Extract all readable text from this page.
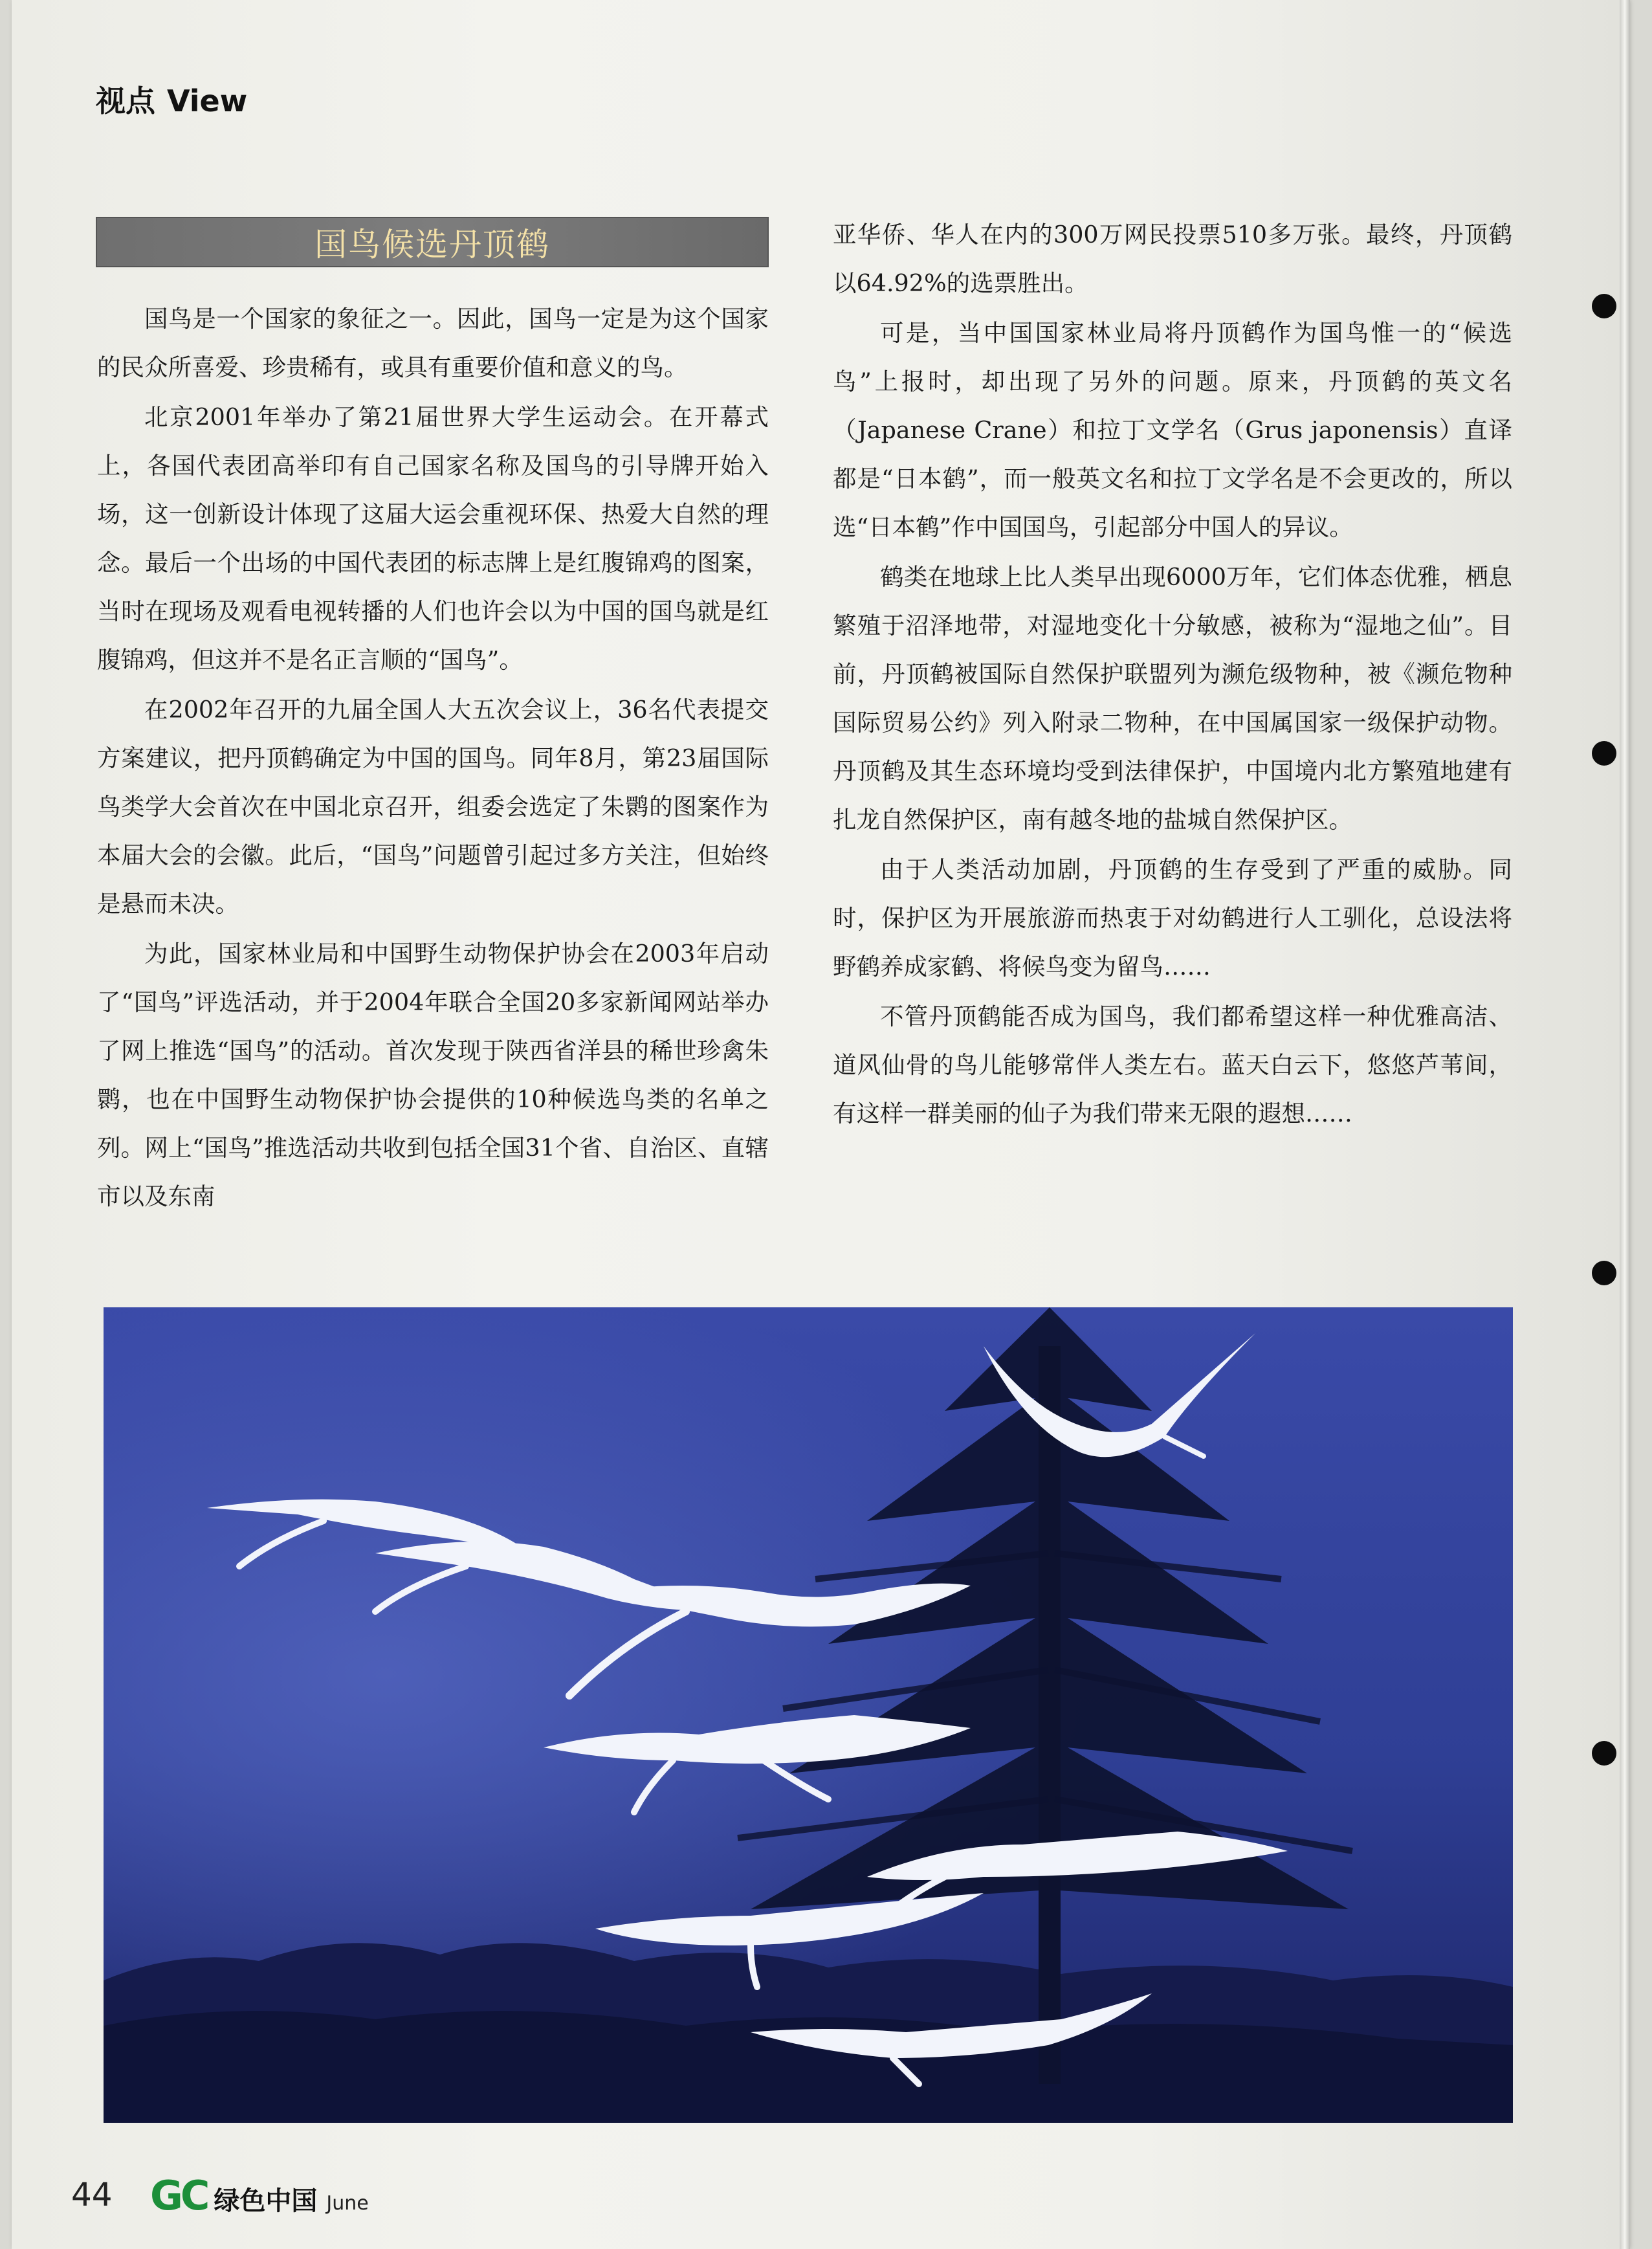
视点 View
国鸟候选丹顶鹤

国鸟是一个国家的象征之一。因此，国鸟一定是为这个国家的民众所喜爱、珍贵稀有，或具有重要价值和意义的鸟。

北京2001年举办了第21届世界大学生运动会。在开幕式上，各国代表团高举印有自己国家名称及国鸟的引导牌开始入场，这一创新设计体现了这届大运会重视环保、热爱大自然的理念。最后一个出场的中国代表团的标志牌上是红腹锦鸡的图案，当时在现场及观看电视转播的人们也许会以为中国的国鸟就是红腹锦鸡，但这并不是名正言顺的“国鸟”。

在2002年召开的九届全国人大五次会议上，36名代表提交方案建议，把丹顶鹤确定为中国的国鸟。同年8月，第23届国际鸟类学大会首次在中国北京召开，组委会选定了朱鹮的图案作为本届大会的会徽。此后，“国鸟”问题曾引起过多方关注，但始终是悬而未决。

为此，国家林业局和中国野生动物保护协会在2003年启动了“国鸟”评选活动，并于2004年联合全国20多家新闻网站举办了网上推选“国鸟”的活动。首次发现于陕西省洋县的稀世珍禽朱鹮，也在中国野生动物保护协会提供的10种候选鸟类的名单之列。网上“国鸟”推选活动共收到包括全国31个省、自治区、直辖市以及东南

亚华侨、华人在内的300万网民投票510多万张。最终，丹顶鹤以64.92%的选票胜出。

可是，当中国国家林业局将丹顶鹤作为国鸟惟一的“候选鸟”上报时，却出现了另外的问题。原来，丹顶鹤的英文名（Japanese Crane）和拉丁文学名（Grus japonensis）直译都是“日本鹤”，而一般英文名和拉丁文学名是不会更改的，所以选“日本鹤”作中国国鸟，引起部分中国人的异议。

鹤类在地球上比人类早出现6000万年，它们体态优雅，栖息繁殖于沼泽地带，对湿地变化十分敏感，被称为“湿地之仙”。目前，丹顶鹤被国际自然保护联盟列为濒危级物种，被《濒危物种国际贸易公约》列入附录二物种，在中国属国家一级保护动物。丹顶鹤及其生态环境均受到法律保护，中国境内北方繁殖地建有扎龙自然保护区，南有越冬地的盐城自然保护区。

由于人类活动加剧，丹顶鹤的生存受到了严重的威胁。同时，保护区为开展旅游而热衷于对幼鹤进行人工驯化，总设法将野鹤养成家鹤、将候鸟变为留鸟……

不管丹顶鹤能否成为国鸟，我们都希望这样一种优雅高洁、道风仙骨的鸟儿能够常伴人类左右。蓝天白云下，悠悠芦苇间，有这样一群美丽的仙子为我们带来无限的遐想……

44 GC 绿色中国 June
